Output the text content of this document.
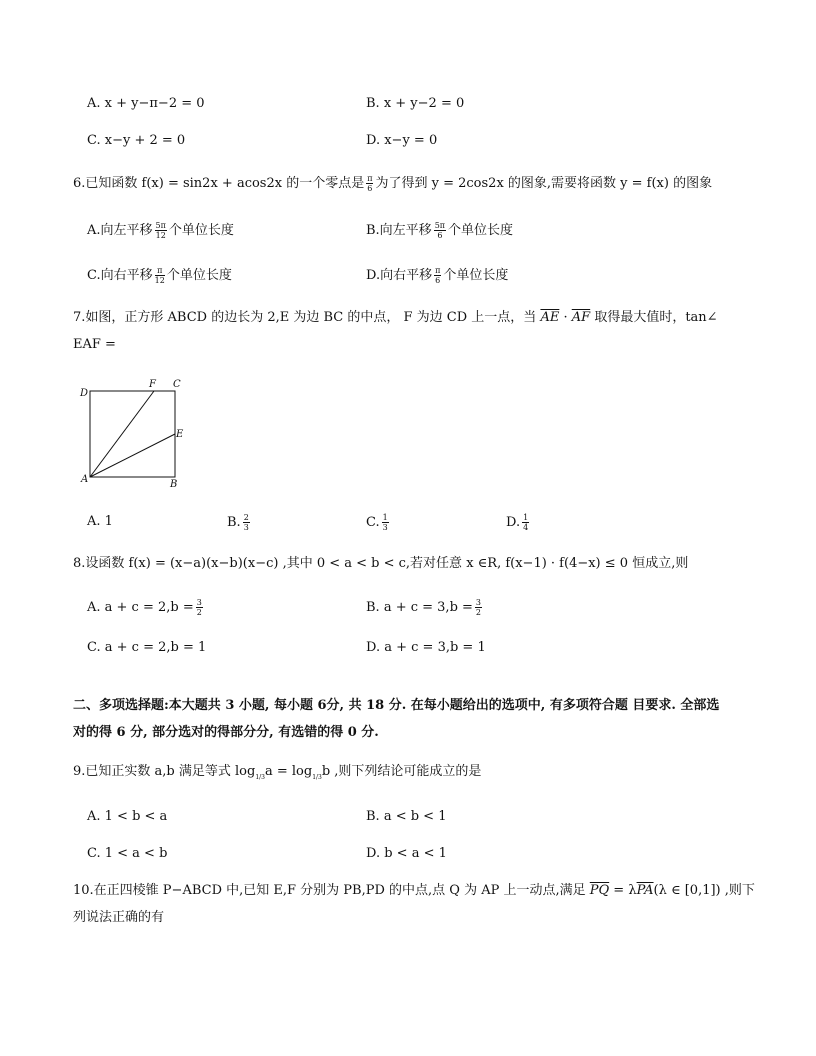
A. x + y−π−2 = 0	B. x + y−2 = 0
C. x−y + 2 = 0	D. x−y = 0
6.已知函数 f(x) = sin2x + acos2x 的一个零点是 $\frac{\pi}{6}$ 为了得到 y = 2cos2x 的图象,需要将函数 y = f(x) 的图象
A.向左平移 $\frac{5\pi}{12}$ 个单位长度	B.向左平移 $\frac{5\pi}{6}$ 个单位长度
C.向右平移 $\frac{\pi}{12}$ 个单位长度	D.向右平移 $\frac{\pi}{6}$ 个单位长度
7.如图，正方形 ABCD 的边长为 2,E 为边 BC 的中点， F 为边 CD 上一点，当 $\overline{AE} \cdot \overline{AF}$ 取得最大值时，tan∠
EAF =
D
F C
E
A	B
A. 1	B. $\frac{2}{3}$	C. $\frac{1}{3}$	D. $\frac{1}{4}$
8.设函数 f(x) = (x−a)(x−b)(x−c) ,其中 0 < a < b < c,若对任意 x ∈R, f(x−1) · f(4−x) ≤ 0 恒成立,则
A. $a + c = 2,b = \frac{3}{2}$	B. $a + c = 3,b = \frac{3}{2}$
C. a + c = 2,b = 1	D. a + c = 3,b = 1
二、多项选择题:本大题共 3 小题, 每小题 6分, 共 18 分. 在每小题给出的选项中, 有多项符合题 目要求. 全部选
对的得 6 分, 部分选对的得部分分, 有选错的得 0 分.
9.已知正实数 a,b 满足等式 $\log_{1/3}a = \log_{1/3}b$ ,则下列结论可能成立的是
A. 1 < b < a	B. a < b < 1
C. 1 < a < b	D. b < a < 1
10.在正四棱锥 P−ABCD 中,已知 E,F 分别为 PB,PD 的中点,点 Q 为 AP 上一动点,满足 $\overline{PQ} = \lambda\overline{PA}(\lambda$ ∈ [0,1]) ,则下
列说法正确的有
